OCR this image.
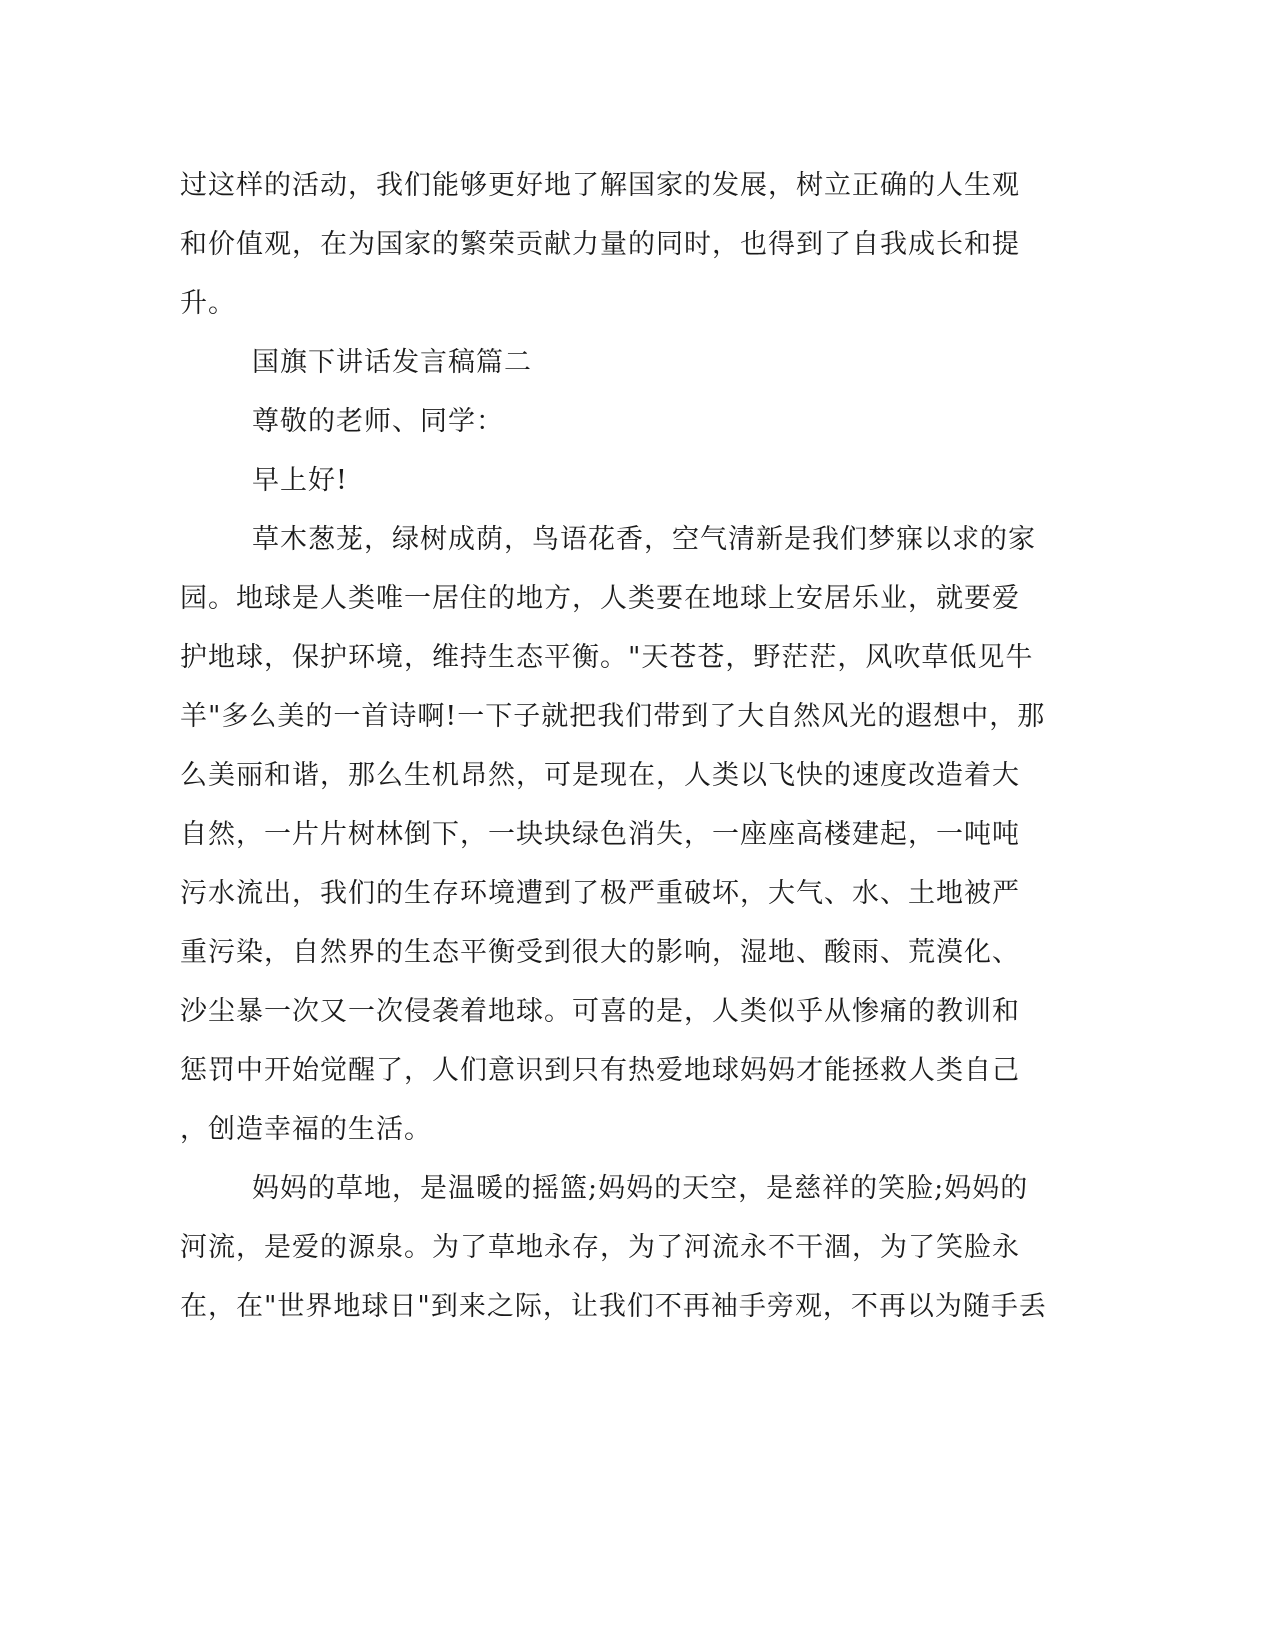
过这样的活动，我们能够更好地了解国家的发展，树立正确的人生观
和价值观，在为国家的繁荣贡献力量的同时，也得到了自我成长和提
升。
国旗下讲话发言稿篇二
尊敬的老师、同学：
早上好!
草木葱茏，绿树成荫，鸟语花香，空气清新是我们梦寐以求的家
园。地球是人类唯一居住的地方，人类要在地球上安居乐业，就要爱
护地球，保护环境，维持生态平衡。"天苍苍，野茫茫，风吹草低见牛
羊"多么美的一首诗啊!一下子就把我们带到了大自然风光的遐想中，那
么美丽和谐，那么生机昂然，可是现在，人类以飞快的速度改造着大
自然，一片片树林倒下，一块块绿色消失，一座座高楼建起，一吨吨
污水流出，我们的生存环境遭到了极严重破坏，大气、水、土地被严
重污染，自然界的生态平衡受到很大的影响，湿地、酸雨、荒漠化、
沙尘暴一次又一次侵袭着地球。可喜的是，人类似乎从惨痛的教训和
惩罚中开始觉醒了，人们意识到只有热爱地球妈妈才能拯救人类自己
，创造幸福的生活。
妈妈的草地，是温暖的摇篮;妈妈的天空，是慈祥的笑脸;妈妈的
河流，是爱的源泉。为了草地永存，为了河流永不干涸，为了笑脸永
在，在"世界地球日"到来之际，让我们不再袖手旁观，不再以为随手丢
